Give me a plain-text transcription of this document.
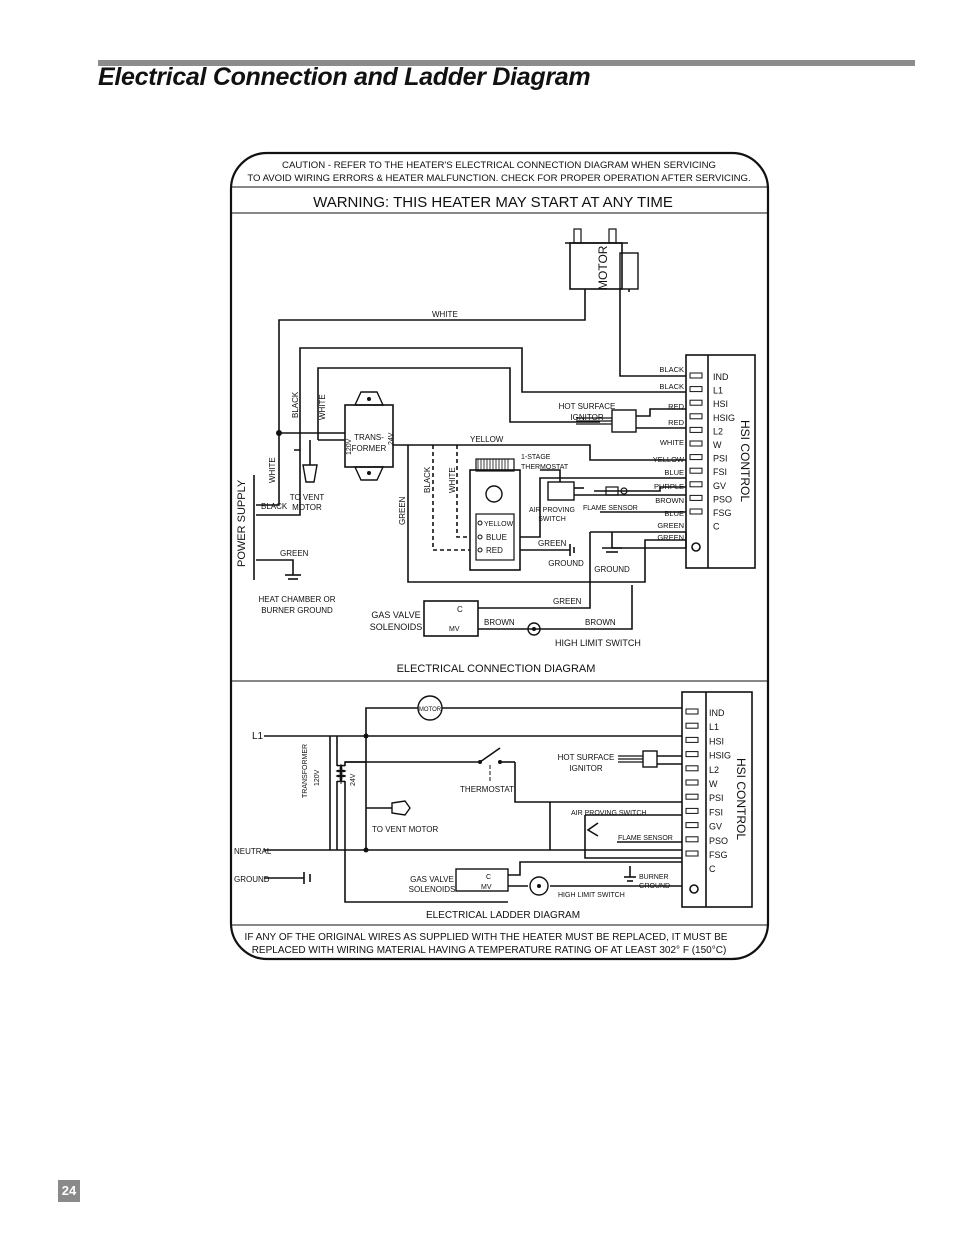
Electrical Connection and Ladder Diagram
CAUTION - REFER TO THE HEATER'S ELECTRICAL CONNECTION DIAGRAM WHEN SERVICING
TO AVOID WIRING ERRORS & HEATER MALFUNCTION. CHECK FOR PROPER OPERATION AFTER SERVICING.
WARNING: THIS HEATER MAY START AT ANY TIME
IF ANY OF THE ORIGINAL WIRES AS SUPPLIED WITH THE HEATER MUST BE REPLACED, IT MUST BE
REPLACED WITH WIRING MATERIAL HAVING A TEMPERATURE RATING OF AT LEAST 302° F (150°C)
MOTOR
WHITE
BLACK WHITE
TRANS-
FORMER
120V	24V
POWER SUPPLY
WHITE
BLACK
GREEN
HEAT CHAMBER OR
BURNER GROUND
TO VENT
MOTOR
YELLOW
GREEN	YELLOW
BLUE
RED
1-STAGE
THERMOSTAT
BLACK WHITE
HOT SURFACE
IGNITOR
AIR PROVING
SWITCH
FLAME SENSOR
GREEN
GROUND
GROUND
C
MV
GAS VALVE
SOLENOIDS
GREEN
BROWN
HIGH LIMIT SWITCH
BROWN
HSI CONTROL
IND
L1
HSI
HSIG
L2
W
PSI
FSI
GV
PSO
FSG
C
BLACK
BLACK
RED
RED
WHITE
YELLOW
BLUE
PURPLE
BROWN
BLUE
GREEN
GREEN
ELECTRICAL CONNECTION DIAGRAM
L1
NEUTRAL
GROUND
MOTOR
TRANSFORMER 120V	24V
THERMOSTAT
TO VENT MOTOR
HOT SURFACE
IGNITOR
AIR PROVING SWITCH
FLAME SENSOR
C
MV
GAS VALVE
SOLENOIDS
HIGH LIMIT SWITCH
BURNER
GROUND
HSI CONTROL
IND
L1
HSI
HSIG
L2
W
PSI
FSI
GV
PSO
FSG
C
ELECTRICAL LADDER DIAGRAM
24
